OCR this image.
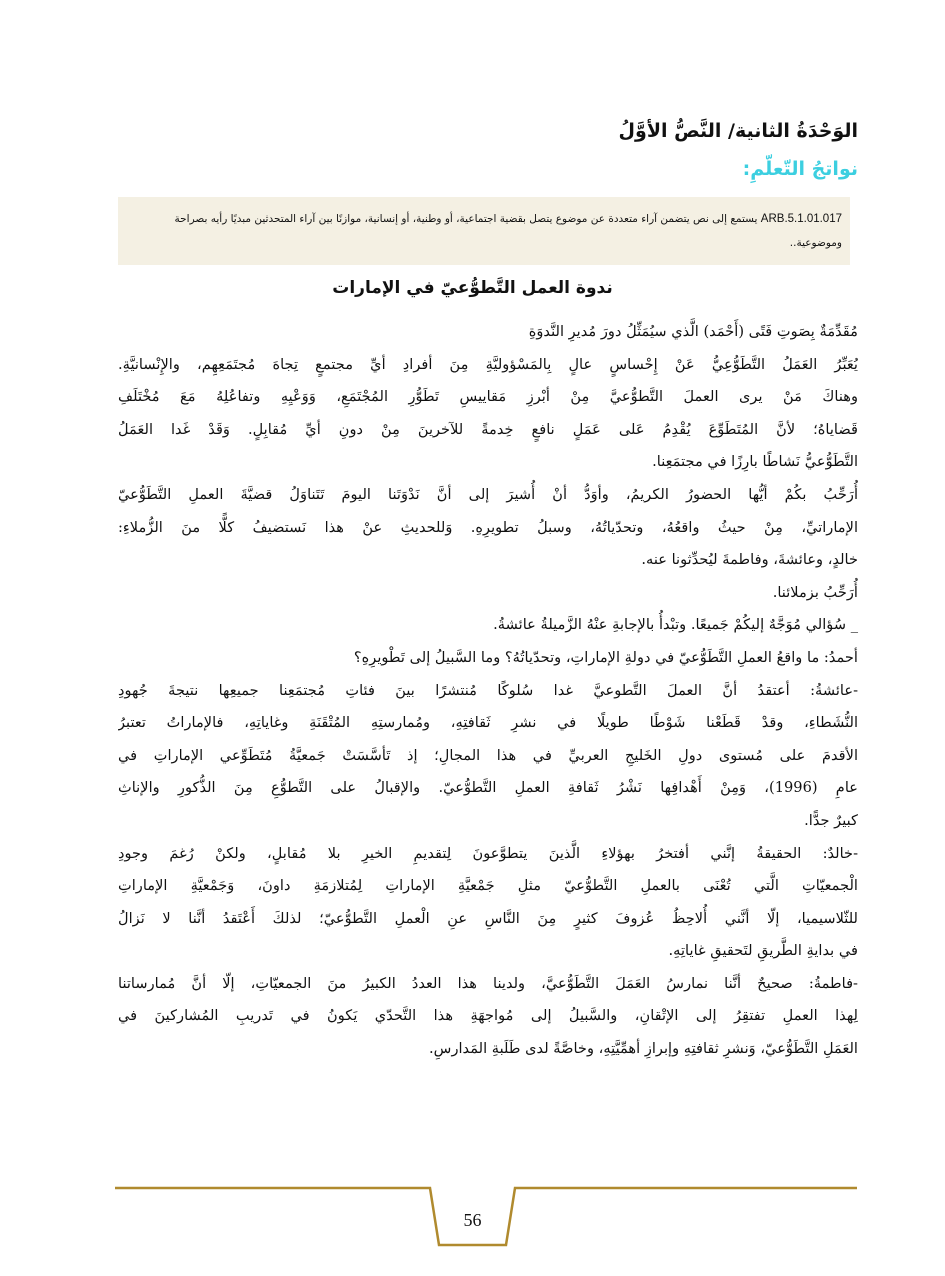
الوَحْدَةُ الثانية/ النَّصُّ الأوَّلُ
نواتجُ التّعلّمِ:
ARB.5.1.01.017 يستمع إلى نص يتضمن آراء متعددة عن موضوع يتصل بقضية اجتماعية، أو وطنية، أو إنسانية، موازنًا بين آراء المتحدثين مبديًا رأيه بصراحة
وموضوعية..
ندوة العمل التَّطوُّعيّ في الإمارات
مُقَدِّمَةٌ بِصَوتِ فَتًى (أَحْمَد) الَّذي سيُمَثِّلُ دورَ مُديرِ النَّدوَةِ
يُعَبِّرُ العَمَلُ التَّطَوُّعِيُّ عَنْ إِحْساسٍ عالٍ بِالمَسْؤوليَّةِ مِنَ أفرادِ أيِّ مجتمعٍ تِجاهَ مُجتَمَعِهِم، والإِنْسانيَّةِ.
وهناكَ مَنْ يرى العملَ التَّطوُّعيَّ مِنْ أبْرزِ مَقاييسِ تَطَوُّرِ المُجْتَمَعِ، وَوَعْيِهِ وتفاعُلِهُ مَعَ مُخْتَلَفِ
قَضاياهُ؛ لأنَّ المُتَطَوِّعَ يُقْدِمُ عَلى عَمَلٍ نافعٍ خِدمةً للآخرينَ مِنْ دونِ أيِّ مُقابِلٍ. وَقَدْ غَدا العَمَلُ
التَّطَوُّعيُّ نَشاطًا بارِزًا في مجتمَعِنا.
أُرَحِّبُ بكُمْ أيُّها الحضورُ الكريمُ، وأوَدُّ أنْ أُشيرَ إلى أنَّ نَدْوَتَنا اليومَ تَتَناوَلُ قضيَّةَ العملِ التَّطَوُّعيّ
الإماراتيِّ، مِنْ حيثُ واقعُهُ، وتحدّياتُهُ، وسبلُ تطويرِهِ. وَللحديثِ عنْ هذا نَستضيفُ كلًّا منَ الزُّملاءِ:
خالدٍ، وعائشةَ، وفاطمةَ ليُحدِّثونا عنه.
أُرَحِّبُ بزملائنا.
_ سُؤالي مُوَجَّهٌ إليكُمْ جَميعًا. وتبْدأُ بالإجابةِ عنْهُ الزَّميلةُ عائشةُ.
أحمدُ: ما واقعُ العملِ التَّطَوُّعيّ في دولةِ الإماراتِ، وتحدّياتُهُ؟ وما السَّبيلُ إلى تَطْويرِهِ؟
-عائشةُ: أعتقدُ أنَّ العملَ التَّطوعيَّ غدا سُلوكًا مُنتشرًا بينَ فئاتِ مُجتمَعِنا جميعِها نتيجةَ جُهودِ
النُّشَطاءِ، وقدْ قَطَعْنا شَوْطًا طويلًا في نشرِ ثَقافتِهِ، ومُمارستِهِ المُتْقَنَةِ وغاياتِهِ، فالإماراتُ تعتبرُ
الأقدمَ على مُستوى دولِ الخَليجِ العربيِّ في هذا المجالِ؛ إذ تَأسَّسَتْ جَمعيَّةُ مُتَطَوِّعي الإماراتِ في
عامِ (1996)، وَمِنْ أَهْدافِها نَشْرُ ثَقافةِ العملِ التَّطوُّعيّ. والإقبالُ على التَّطوُّعِ مِنَ الذُّكورِ والإناثِ
كبيرٌ جدًّا.
-خالدٌ: الحقيقةُ إنَّني أفتخرُ بهؤلاءِ الَّذينَ يتطوَّعونَ لِتقديمِ الخيرِ بلا مُقابلٍ، ولكنْ رُغمَ وجودِ
الْجمعيّاتِ الَّتي تُعْنَى بالعملِ التَّطوُّعيّ مثلِ جَمْعيَّةِ الإماراتِ لِمُتلازمَةِ داونَ، وَجَمْعيَّةِ الإماراتِ
للثّلاسيميا، إلّا أنَّني أُلاحِظُ عُزوفَ كثيرٍ مِنَ النَّاسِ عنِ الْعملِ التَّطوُّعيّ؛ لذلكَ أَعْتَقدُ أنَّنا لا نَزالُ
في بدايةِ الطَّريقِ لتَحقيقِ غاياتِهِ.
-فاطمةُ: صحيحٌ أنَّنا نمارسُ العَمَلَ التَّطَوُّعيَّ، ولدينا هذا العددُ الكبيرُ منَ الجمعيّاتِ، إلّا أنَّ مُمارساتنا
لِهذا العملِ تفتقِرُ إلى الإتْقانِ، والسَّبيلُ إلى مُواجهَةِ هذا التَّحدّي يَكونُ في تَدريبِ المُشاركينَ في
العَمَلِ التَّطَوُّعيّ، وَنشرِ ثقافتِهِ وإبرازِ أهمِّيَّتِهِ، وخاصَّةً لدى طَلَبةِ المَدارسِ.
56
